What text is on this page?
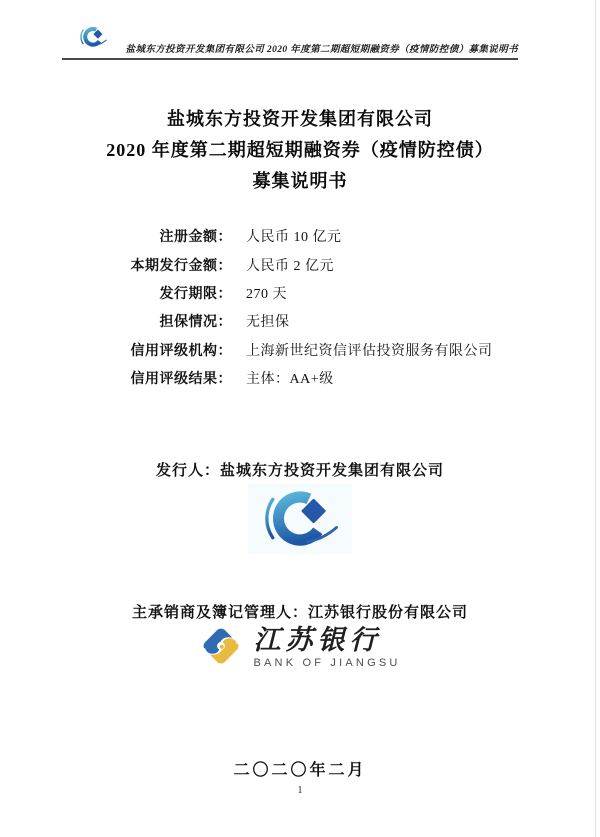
盐城东方投资开发集团有限公司 2020 年度第二期超短期融资券（疫情防控债）募集说明书
盐城东方投资开发集团有限公司
2020 年度第二期超短期融资券（疫情防控债）
募集说明书
注册金额： 人民币 10 亿元
本期发行金额： 人民币 2 亿元
发行期限： 270 天
担保情况： 无担保
信用评级机构： 上海新世纪资信评估投资服务有限公司
信用评级结果： 主体：AA+级
发行人：盐城东方投资开发集团有限公司
主承销商及簿记管理人：江苏银行股份有限公司
江苏银行
BANK OF JIANGSU
二〇二〇年二月
1
